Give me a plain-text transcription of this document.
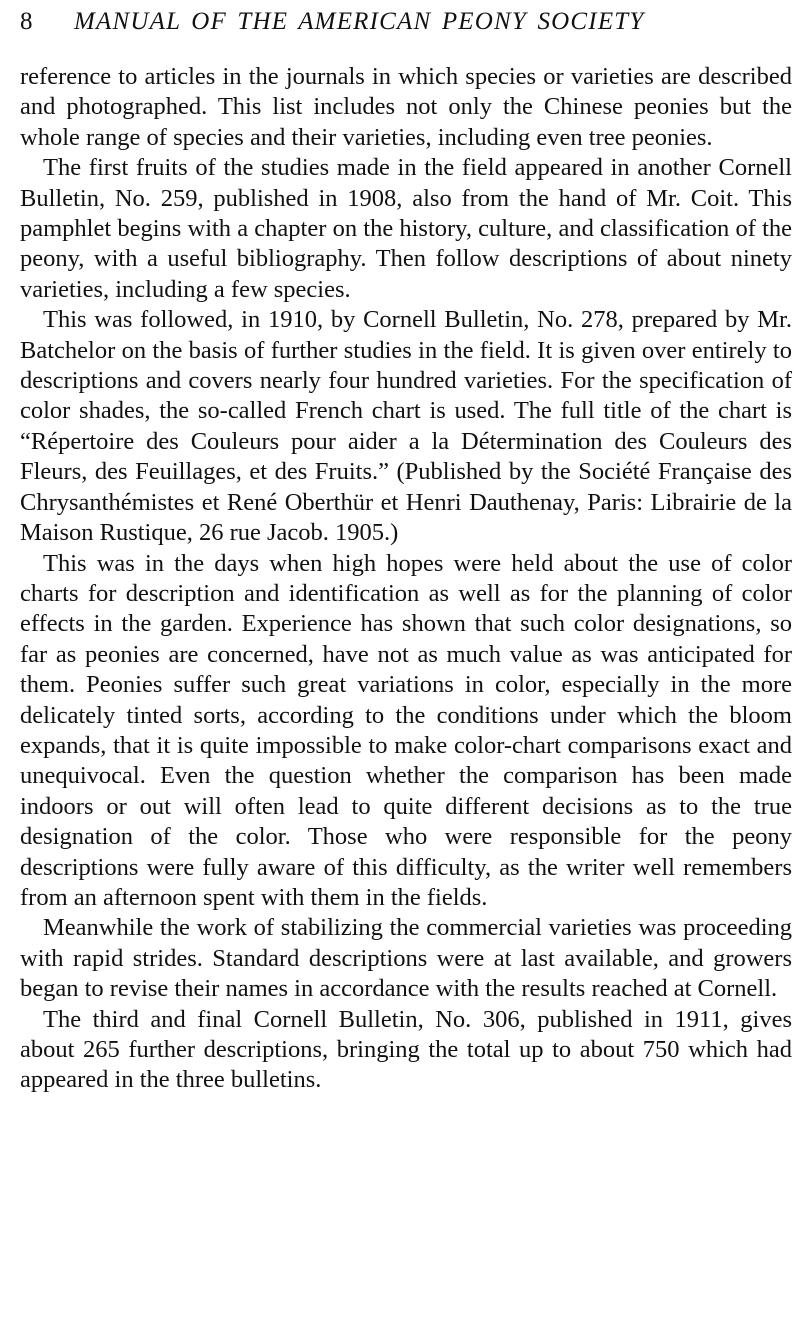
8	MANUAL OF THE AMERICAN PEONY SOCIETY

reference to articles in the journals in which species or varieties are described and photographed. This list includes not only the Chinese peonies but the whole range of species and their varieties, including even tree peonies.

The first fruits of the studies made in the field appeared in another Cornell Bulletin, No. 259, published in 1908, also from the hand of Mr. Coit. This pamphlet begins with a chapter on the history, culture, and classification of the peony, with a useful bibliography. Then follow descriptions of about ninety varieties, including a few species.

This was followed, in 1910, by Cornell Bulletin, No. 278, prepared by Mr. Batchelor on the basis of further studies in the field. It is given over entirely to descriptions and covers nearly four hundred varieties. For the specification of color shades, the so-called French chart is used. The full title of the chart is “Répertoire des Couleurs pour aider a la Détermination des Couleurs des Fleurs, des Feuillages, et des Fruits.” (Published by the Société Française des Chrysanthémistes et René Oberthür et Henri Dauthenay, Paris: Librairie de la Maison Rustique, 26 rue Jacob. 1905.)

This was in the days when high hopes were held about the use of color charts for description and identification as well as for the planning of color effects in the garden. Experience has shown that such color designations, so far as peonies are concerned, have not as much value as was anticipated for them. Peonies suffer such great variations in color, especially in the more delicately tinted sorts, according to the conditions under which the bloom expands, that it is quite impossible to make color-chart comparisons exact and unequivocal. Even the question whether the comparison has been made indoors or out will often lead to quite different decisions as to the true designation of the color. Those who were responsible for the peony descriptions were fully aware of this difficulty, as the writer well remembers from an afternoon spent with them in the fields.

Meanwhile the work of stabilizing the commercial varieties was proceeding with rapid strides. Standard descriptions were at last available, and growers began to revise their names in accordance with the results reached at Cornell.

The third and final Cornell Bulletin, No. 306, published in 1911, gives about 265 further descriptions, bringing the total up to about 750 which had appeared in the three bulletins.
